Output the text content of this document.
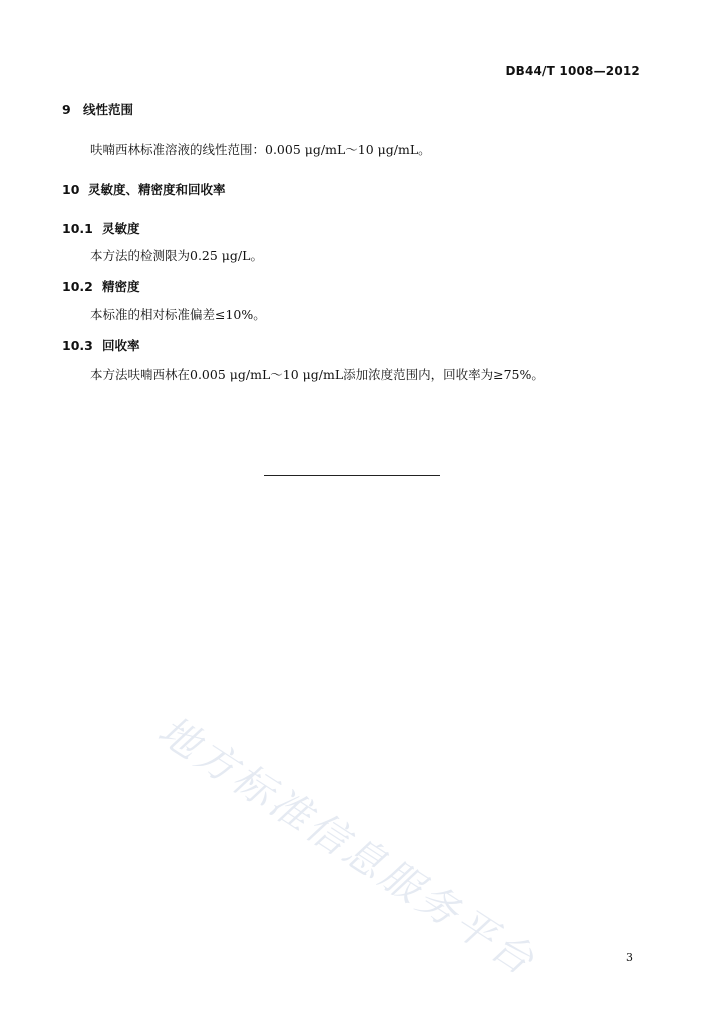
DB44/T 1008—2012
9 线性范围
呋喃西林标准溶液的线性范围：0.005 μg/mL～10 μg/mL。
10 灵敏度、精密度和回收率
10.1 灵敏度
本方法的检测限为0.25 μg/L。
10.2 精密度
本标准的相对标准偏差≤10%。
10.3 回收率
本方法呋喃西林在0.005 μg/mL～10 μg/mL添加浓度范围内，回收率为≥75%。
地方标准信息服务平台	3
